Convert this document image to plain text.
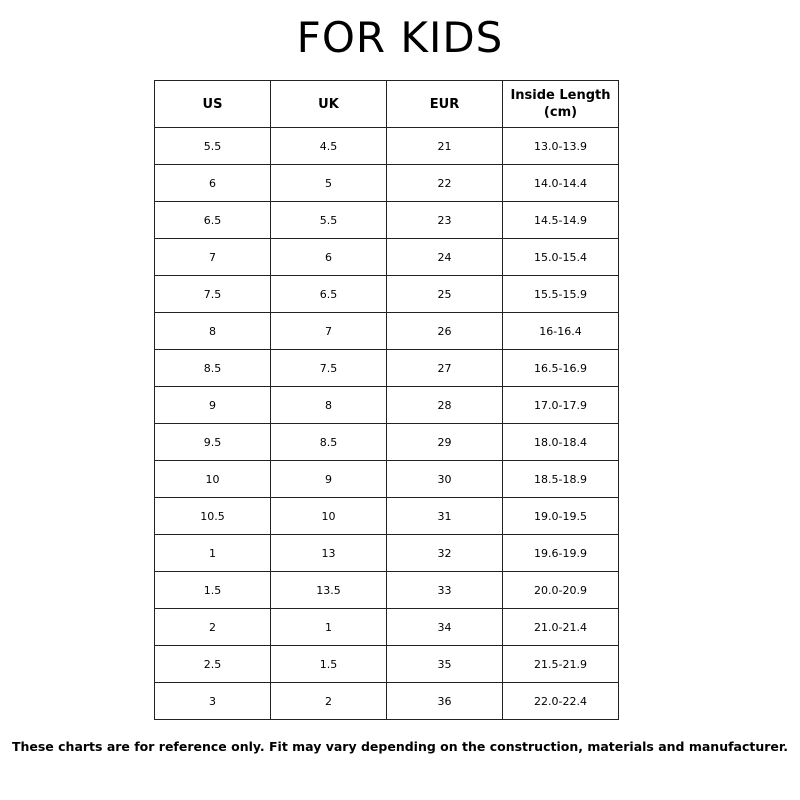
FOR KIDS
US	UK	EUR	Inside Length
(cm)

5.5	4.5	21	13.0-13.9
6	5	22	14.0-14.4
6.5	5.5	23	14.5-14.9
7	6	24	15.0-15.4
7.5	6.5	25	15.5-15.9
8	7	26	16-16.4
8.5	7.5	27	16.5-16.9
9	8	28	17.0-17.9
9.5	8.5	29	18.0-18.4
10	9	30	18.5-18.9
10.5	10	31	19.0-19.5
1	13	32	19.6-19.9
1.5	13.5	33	20.0-20.9
2	1	34	21.0-21.4
2.5	1.5	35	21.5-21.9
3	2	36	22.0-22.4
These charts are for reference only. Fit may vary depending on the construction, materials and manufacturer.
